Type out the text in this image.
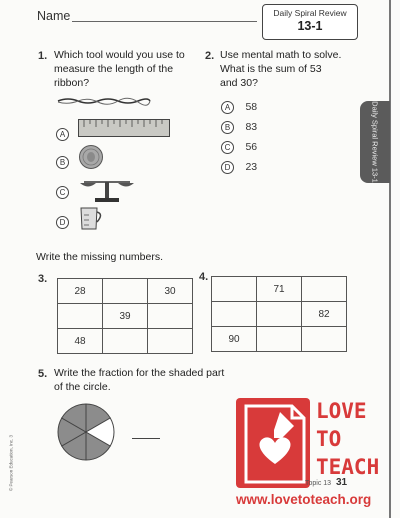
Name	Daily Spiral Review
13-1
Daily Spiral Review 13-1
1. Which tool would you use to
measure the length of the
ribbon?
A
B
C
D
2. Use mental math to solve.
What is the sum of 53
and 30?
A 58
B 83
C 56
D 23
Write the missing numbers.
3.
28		30
	39	
48		
4.
	71	
		82
90		
5. Write the fraction for the shaded part
of the circle.
© Pearson Education, Inc. 3
LOVE
TO
TEACH
Topic 13 31
www.lovetoteach.org
